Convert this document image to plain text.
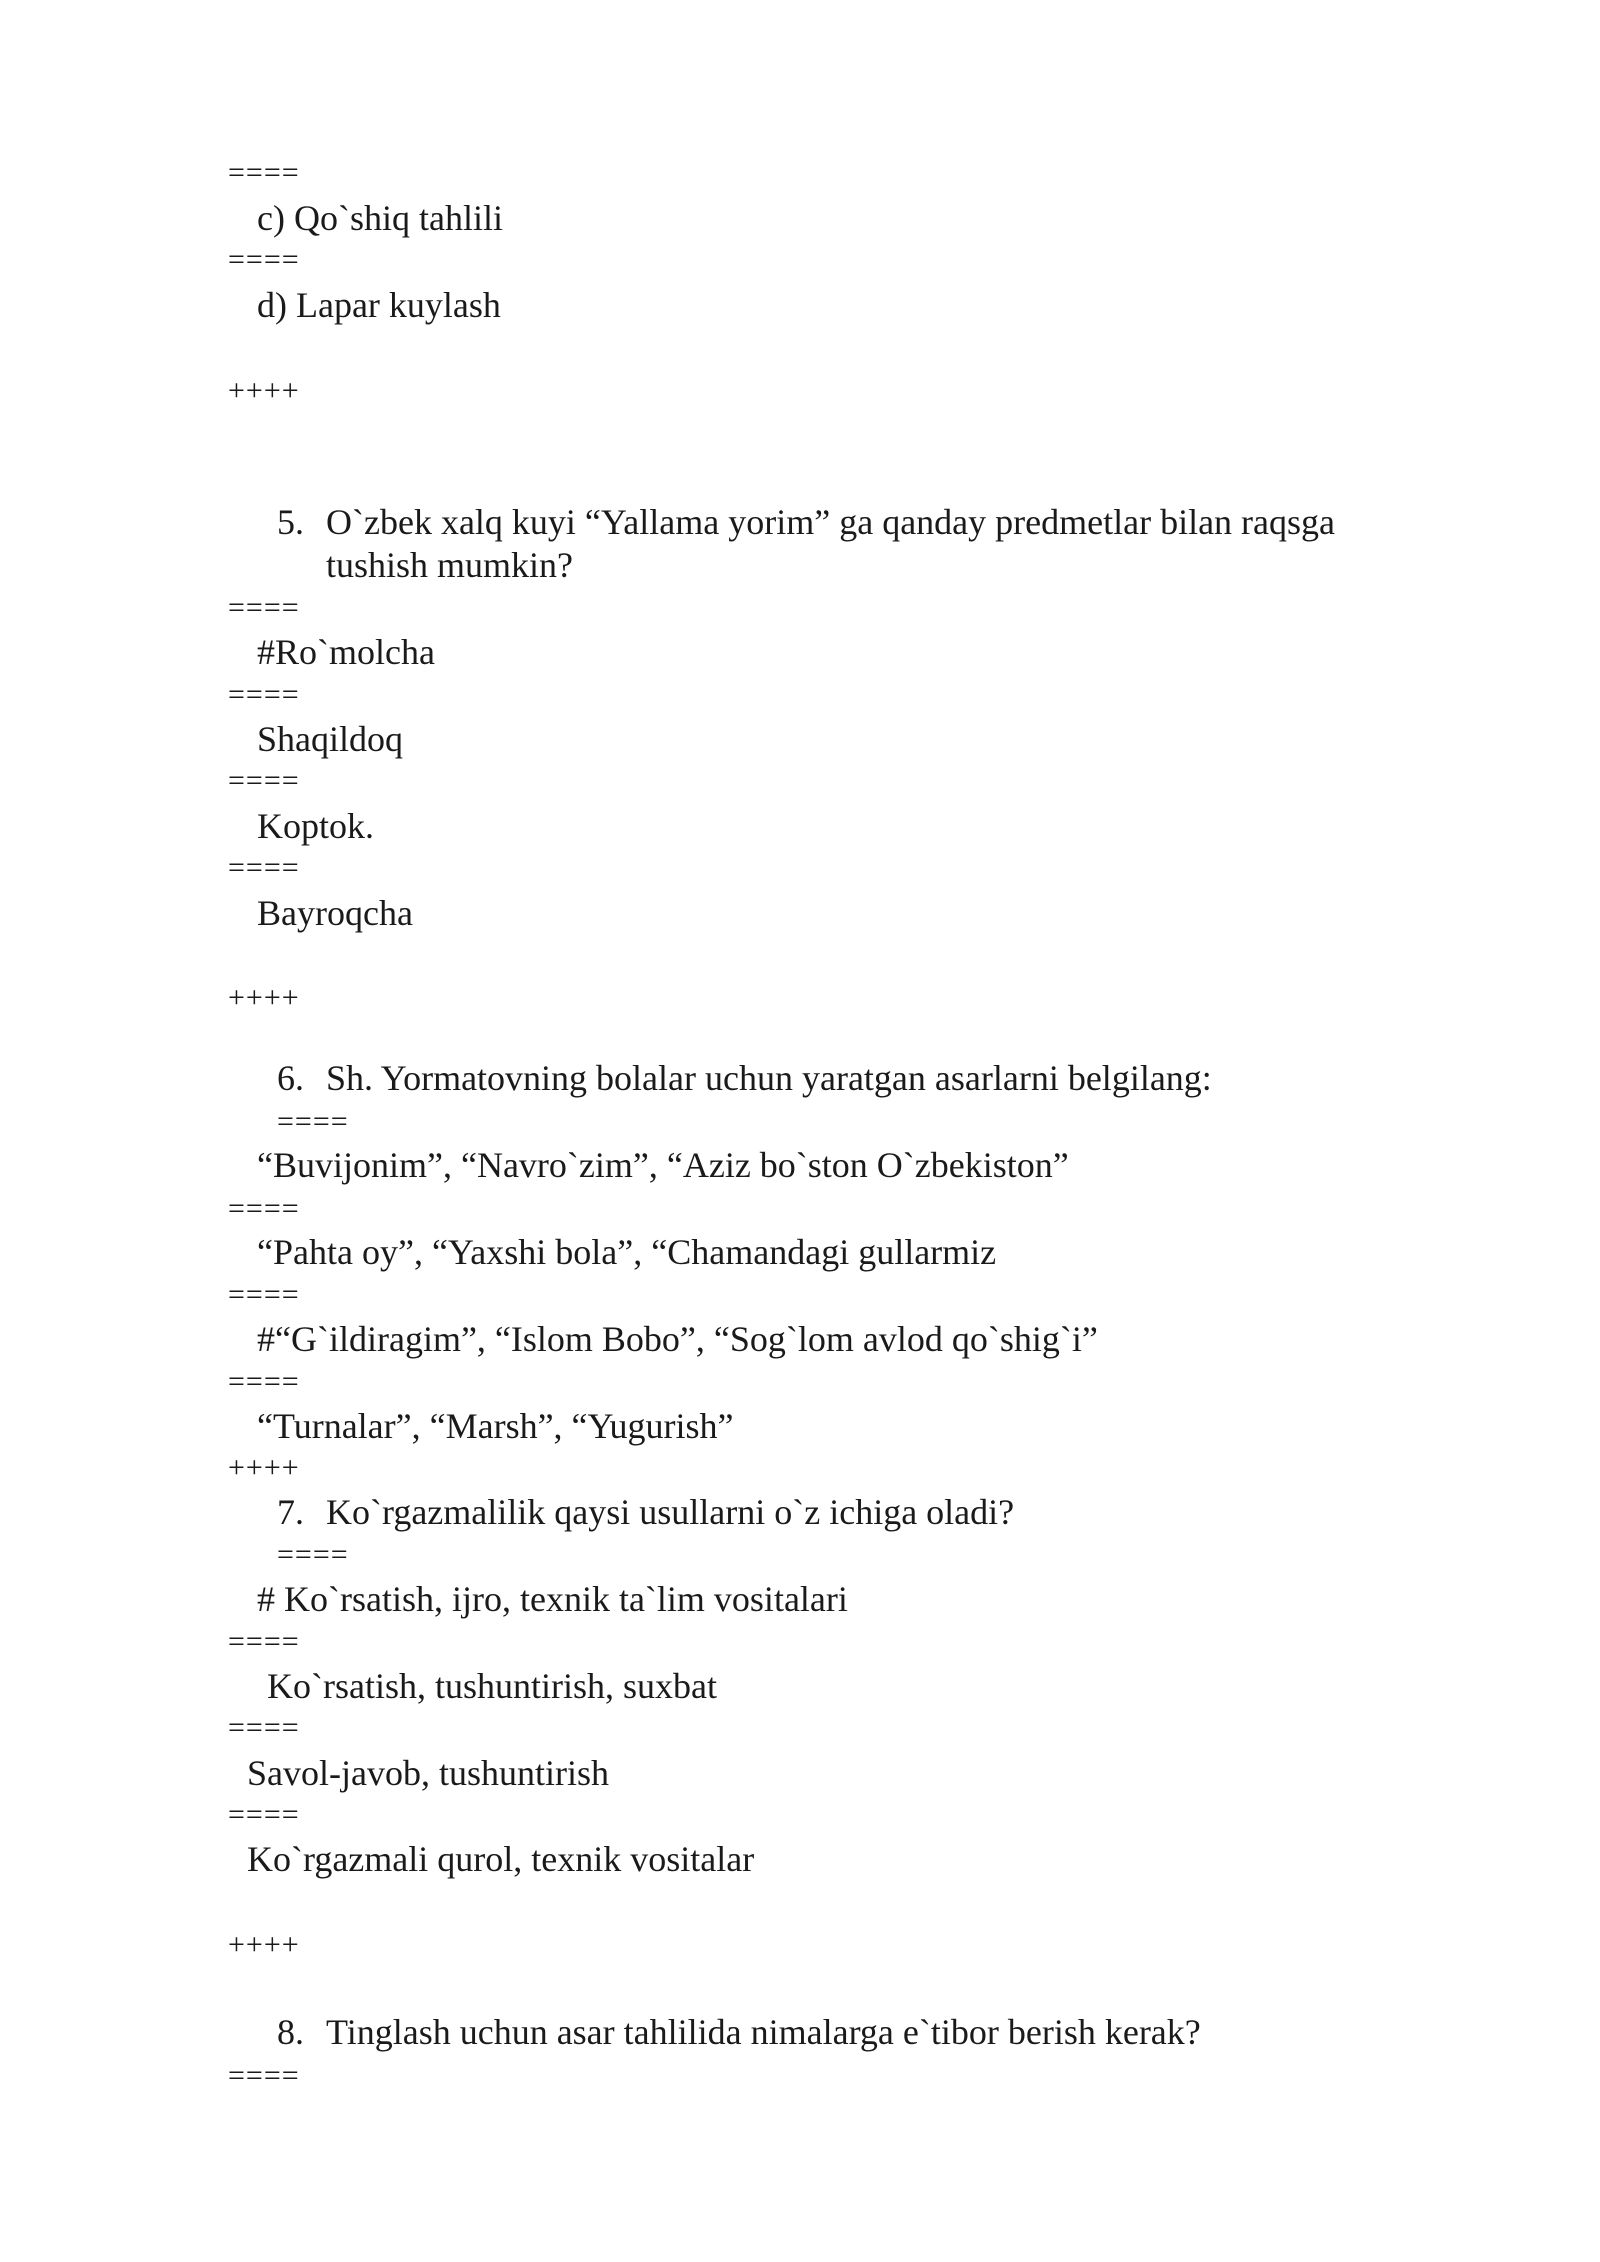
====
c) Qo`shiq tahlili
====
d) Lapar kuylash
++++
5. O`zbek xalq kuyi “Yallama yorim” ga qanday predmetlar bilan raqsga
tushish mumkin?
====
#Ro`molcha
====
Shaqildoq
====
Koptok.
====
Bayroqcha
++++
6. Sh. Yormatovning bolalar uchun yaratgan asarlarni belgilang:
====
“Buvijonim”, “Navro`zim”, “Aziz bo`ston O`zbekiston”
====
“Pahta oy”, “Yaxshi bola”, “Chamandagi gullarmiz
====
#“G`ildiragim”, “Islom Bobo”, “Sog`lom avlod qo`shig`i”
====
“Turnalar”, “Marsh”, “Yugurish”
++++
7. Ko`rgazmalilik qaysi usullarni o`z ichiga oladi?
====
# Ko`rsatish, ijro, texnik ta`lim vositalari
====
Ko`rsatish, tushuntirish, suxbat
====
Savol-javob, tushuntirish
====
Ko`rgazmali qurol, texnik vositalar
++++
8. Tinglash uchun asar tahlilida nimalarga e`tibor berish kerak?
====
